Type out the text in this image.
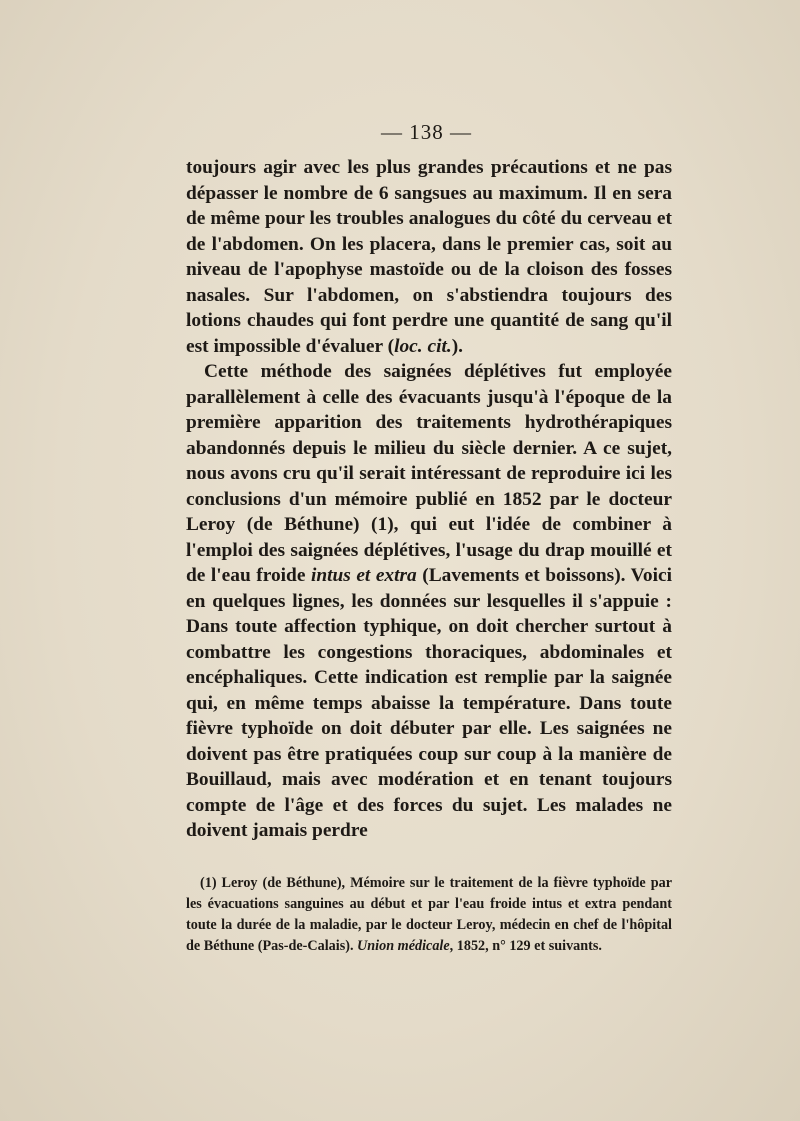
— 138 —

toujours agir avec les plus grandes précautions et ne pas dépasser le nombre de 6 sangsues au maximum. Il en sera de même pour les troubles analogues du côté du cerveau et de l'abdomen. On les placera, dans le premier cas, soit au niveau de l'apophyse mastoïde ou de la cloison des fosses nasales. Sur l'abdomen, on s'abstiendra toujours des lotions chaudes qui font perdre une quantité de sang qu'il est impossible d'évaluer (loc. cit.).

Cette méthode des saignées déplétives fut employée parallèlement à celle des évacuants jusqu'à l'époque de la première apparition des traitements hydrothérapiques abandonnés depuis le milieu du siècle dernier. A ce sujet, nous avons cru qu'il serait intéressant de reproduire ici les conclusions d'un mémoire publié en 1852 par le docteur Leroy (de Béthune) (1), qui eut l'idée de combiner à l'emploi des saignées déplétives, l'usage du drap mouillé et de l'eau froide intus et extra (Lavements et boissons). Voici en quelques lignes, les données sur lesquelles il s'appuie : Dans toute affection typhique, on doit chercher surtout à combattre les congestions thoraciques, abdominales et encéphaliques. Cette indication est remplie par la saignée qui, en même temps abaisse la température. Dans toute fièvre typhoïde on doit débuter par elle. Les saignées ne doivent pas être pratiquées coup sur coup à la manière de Bouillaud, mais avec modération et en tenant toujours compte de l'âge et des forces du sujet. Les malades ne doivent jamais perdre

(1) Leroy (de Béthune), Mémoire sur le traitement de la fièvre typhoïde par les évacuations sanguines au début et par l'eau froide intus et extra pendant toute la durée de la maladie, par le docteur Leroy, médecin en chef de l'hôpital de Béthune (Pas-de-Calais). Union médicale, 1852, n° 129 et suivants.
